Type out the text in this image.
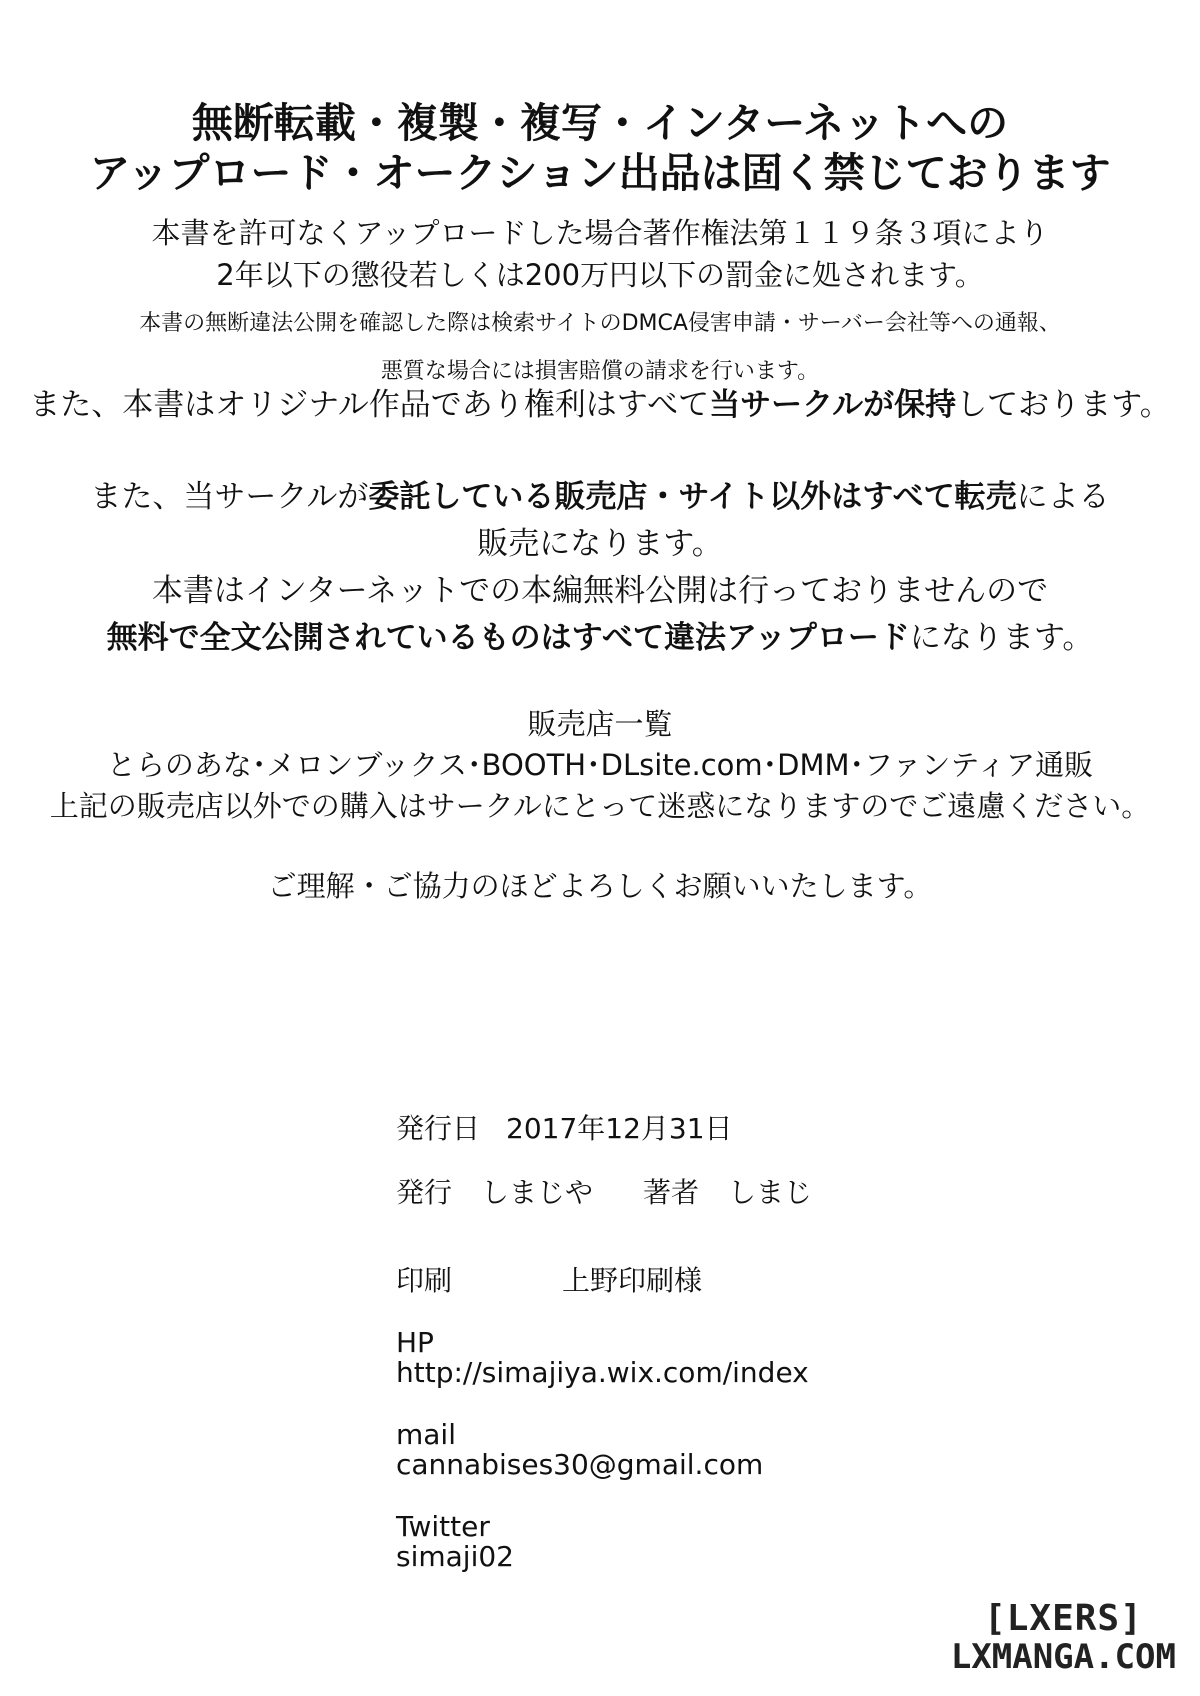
無断転載・複製・複写・インターネットへの
アップロード・オークション出品は固く禁じております
本書を許可なくアップロードした場合著作権法第１１９条３項により
2年以下の懲役若しくは200万円以下の罰金に処されます。
本書の無断違法公開を確認した際は検索サイトのDMCA侵害申請・サーバー会社等への通報、
悪質な場合には損害賠償の請求を行います。
また、本書はオリジナル作品であり権利はすべて当サークルが保持しております。
また、当サークルが委託している販売店・サイト以外はすべて転売による
販売になります。
本書はインターネットでの本編無料公開は行っておりませんので
無料で全文公開されているものはすべて違法アップロードになります。
販売店一覧
とらのあな･メロンブックス･BOOTH･DLsite.com･DMM･ファンティア通販
上記の販売店以外での購入はサークルにとって迷惑になりますのでご遠慮ください。
ご理解・ご協力のほどよろしくお願いいたします。
発行日 2017年12月31日
発行 しまじや 著者 しまじ
印刷	上野印刷様
HP
http://simajiya.wix.com/index
mail
cannabises30@gmail.com
Twitter
simaji02
[LXERS]
LXMANGA.COM
